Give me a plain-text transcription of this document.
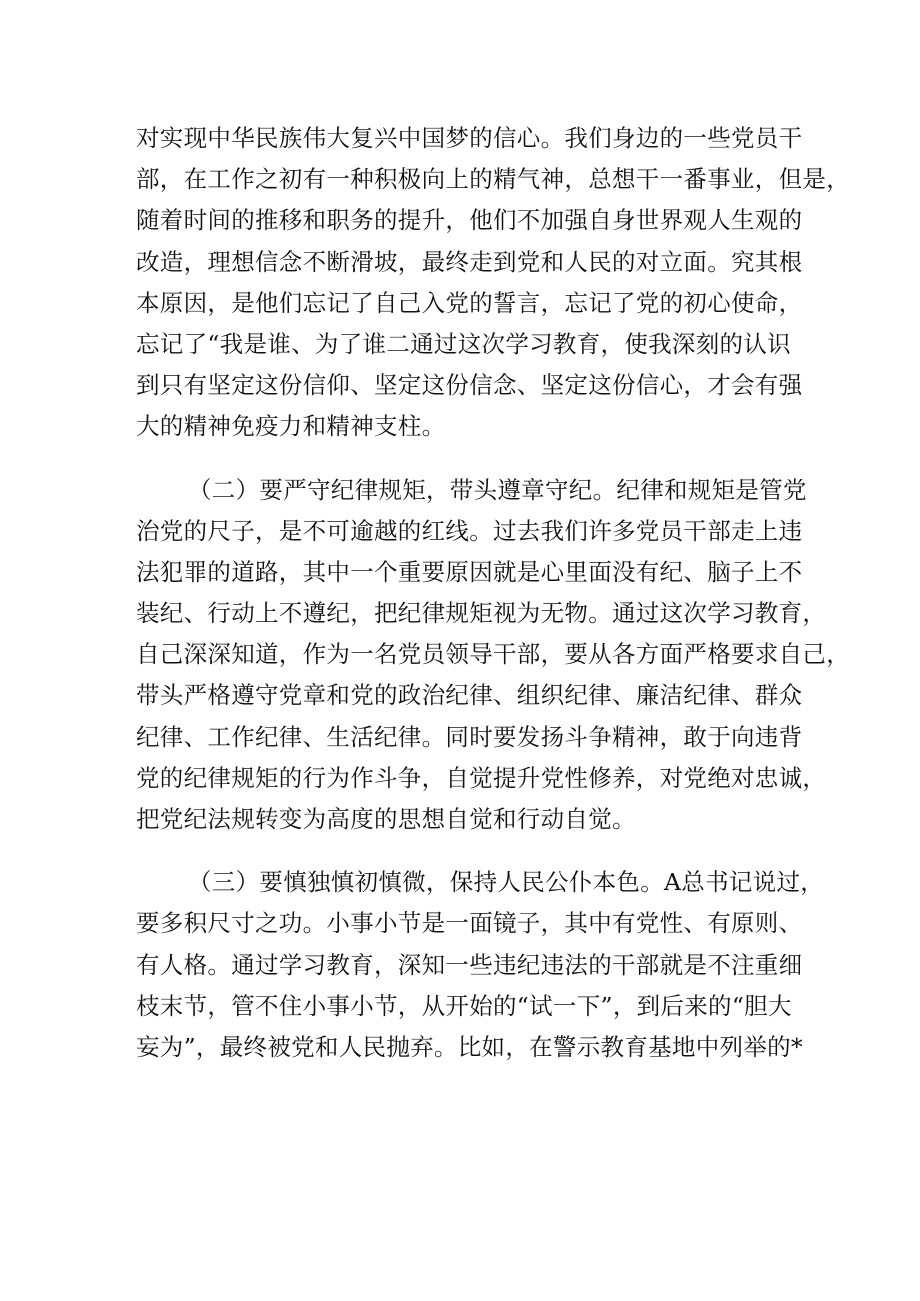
对实现中华民族伟大复兴中国梦的信心。我们身边的一些党员干
部，在工作之初有一种积极向上的精气神，总想干一番事业，但是，
随着时间的推移和职务的提升，他们不加强自身世界观人生观的
改造，理想信念不断滑坡，最终走到党和人民的对立面。究其根
本原因，是他们忘记了自己入党的誓言，忘记了党的初心使命，
忘记了“我是谁、为了谁二通过这次学习教育，使我深刻的认识
到只有坚定这份信仰、坚定这份信念、坚定这份信心，才会有强
大的精神免疫力和精神支柱。
（二）要严守纪律规矩，带头遵章守纪。纪律和规矩是管党
治党的尺子，是不可逾越的红线。过去我们许多党员干部走上违
法犯罪的道路，其中一个重要原因就是心里面没有纪、脑子上不
装纪、行动上不遵纪，把纪律规矩视为无物。通过这次学习教育，
自己深深知道，作为一名党员领导干部，要从各方面严格要求自己，
带头严格遵守党章和党的政治纪律、组织纪律、廉洁纪律、群众
纪律、工作纪律、生活纪律。同时要发扬斗争精神，敢于向违背
党的纪律规矩的行为作斗争，自觉提升党性修养，对党绝对忠诚，
把党纪法规转变为高度的思想自觉和行动自觉。
（三）要慎独慎初慎微，保持人民公仆本色。A总书记说过，
要多积尺寸之功。小事小节是一面镜子，其中有党性、有原则、
有人格。通过学习教育，深知一些违纪违法的干部就是不注重细
枝末节，管不住小事小节，从开始的“试一下”，到后来的“胆大
妄为”，最终被党和人民抛弃。比如，在警示教育基地中列举的*
